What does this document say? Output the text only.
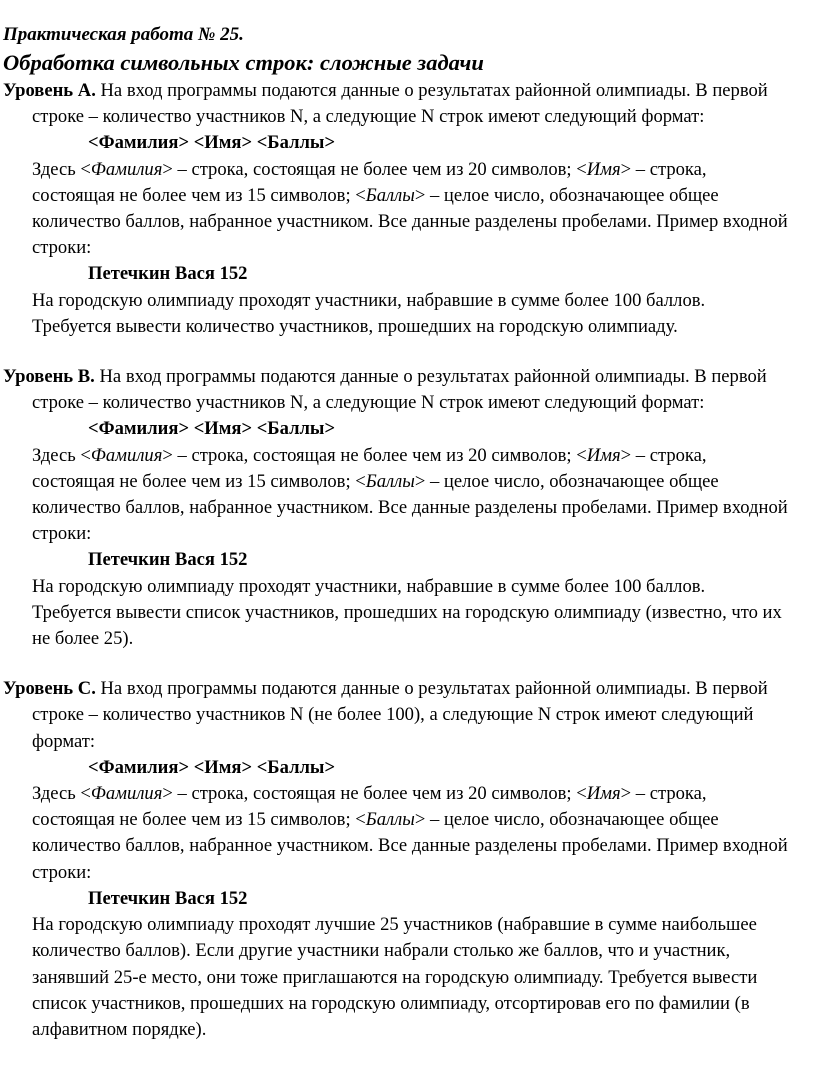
Практическая работа № 25.

Обработка символьных строк: сложные задачи

Уровень A. На вход программы подаются данные о результатах районной олимпиады. В первой
строке – количество участников N, а следующие N строк имеют следующий формат:
<Фамилия> <Имя> <Баллы>
Здесь <Фамилия> – строка, состоящая не более чем из 20 символов; <Имя> – строка,
состоящая не более чем из 15 символов; <Баллы> – целое число, обозначающее общее
количество баллов, набранное участником. Все данные разделены пробелами. Пример входной
строки:
Петечкин Вася 152
На городскую олимпиаду проходят участники, набравшие в сумме более 100 баллов.
Требуется вывести количество участников, прошедших на городскую олимпиаду.
Уровень B. На вход программы подаются данные о результатах районной олимпиады. В первой
строке – количество участников N, а следующие N строк имеют следующий формат:
<Фамилия> <Имя> <Баллы>
Здесь <Фамилия> – строка, состоящая не более чем из 20 символов; <Имя> – строка,
состоящая не более чем из 15 символов; <Баллы> – целое число, обозначающее общее
количество баллов, набранное участником. Все данные разделены пробелами. Пример входной
строки:
Петечкин Вася 152
На городскую олимпиаду проходят участники, набравшие в сумме более 100 баллов.
Требуется вывести список участников, прошедших на городскую олимпиаду (известно, что их
не более 25).
Уровень C. На вход программы подаются данные о результатах районной олимпиады. В первой
строке – количество участников N (не более 100), а следующие N строк имеют следующий
формат:
<Фамилия> <Имя> <Баллы>
Здесь <Фамилия> – строка, состоящая не более чем из 20 символов; <Имя> – строка,
состоящая не более чем из 15 символов; <Баллы> – целое число, обозначающее общее
количество баллов, набранное участником. Все данные разделены пробелами. Пример входной
строки:
Петечкин Вася 152
На городскую олимпиаду проходят лучшие 25 участников (набравшие в сумме наибольшее
количество баллов). Если другие участники набрали столько же баллов, что и участник,
занявший 25-е место, они тоже приглашаются на городскую олимпиаду. Требуется вывести
список участников, прошедших на городскую олимпиаду, отсортировав его по фамилии (в
алфавитном порядке).
